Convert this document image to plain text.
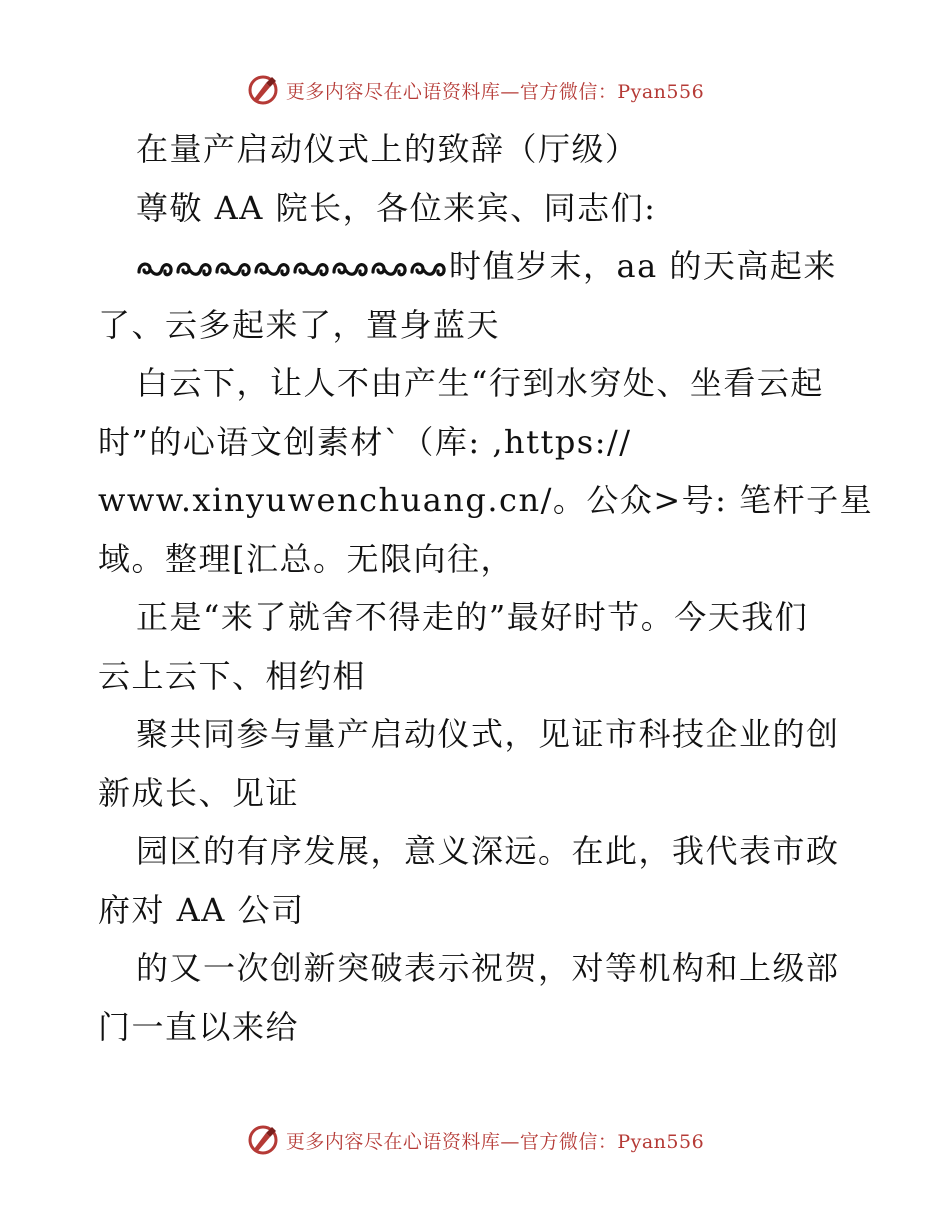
更多内容尽在心语资料库—官方微信：Pyan556
在量产启动仪式上的致辞（厅级）
尊敬 AA 院长，各位来宾、同志们:
时值岁末，aa 的天高起来
了、云多起来了，置身蓝天
白云下，让人不由产生“行到水穷处、坐看云起
时”的心语文创素材`（库: ,https://
www.xinyuwenchuang.cn/。公众>号: 笔杆子星
域。整理[汇总。无限向往，
正是“来了就舍不得走的”最好时节。今天我们
云上云下、相约相
聚共同参与量产启动仪式，见证市科技企业的创
新成长、见证
园区的有序发展，意义深远。在此，我代表市政
府对 AA 公司
的又一次创新突破表示祝贺，对等机构和上级部
门一直以来给
更多内容尽在心语资料库—官方微信：Pyan556
